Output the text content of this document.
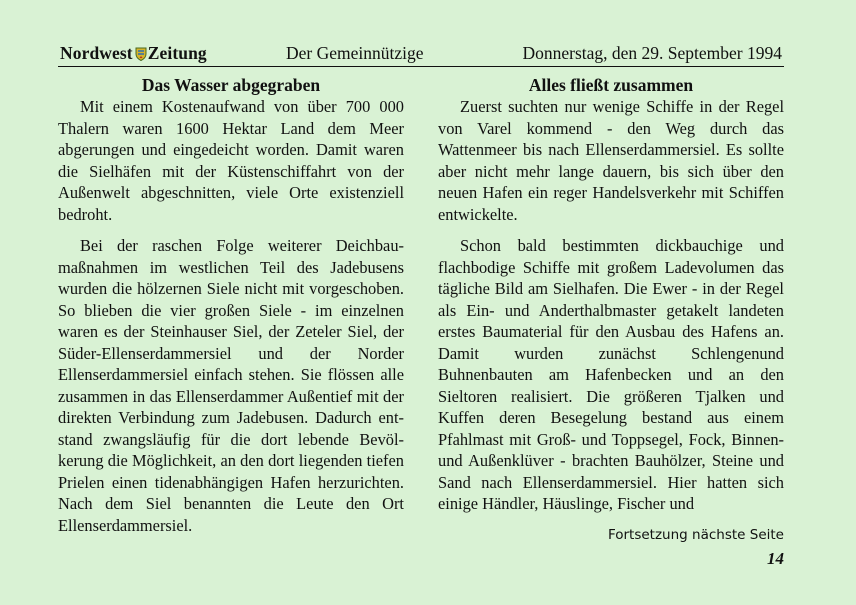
Nordwest Zeitung	Der Gemeinnützige	Donnerstag, den 29. September 1994
Das Wasser abgegraben

Mit einem Kostenaufwand von über 700 000 Thalern waren 1600 Hektar Land dem Meer abgerungen und eingedeicht worden. Damit waren die Sielhäfen mit der Küstenschiffahrt von der Außenwelt abgeschnitten, viele Orte existenziell bedroht.

Bei der raschen Folge weiterer Deichbaumaßnahmen im westlichen Teil des Jadebusens wurden die hölzernen Siele nicht mit vorgeschoben. So blieben die vier großen Siele - im einzelnen waren es der Steinhauser Siel, der Zeteler Siel, der Süder-Ellenserdammersiel und der Norder Ellenserdammersiel einfach stehen. Sie flössen alle zusammen in das Ellenserdammer Außentief mit der direkten Verbindung zum Jadebusen. Dadurch entstand zwangsläufig für die dort lebende Bevölkerung die Möglichkeit, an den dort liegenden tiefen Prielen einen tidenabhängigen Hafen herzurichten. Nach dem Siel benannten die Leute den Ort Ellenserdammersiel.

Alles fließt zusammen

Zuerst suchten nur wenige Schiffe in der Regel von Varel kommend - den Weg durch das Wattenmeer bis nach Ellenserdammersiel. Es sollte aber nicht mehr lange dauern, bis sich über den neuen Hafen ein reger Handelsverkehr mit Schiffen entwickelte.

Schon bald bestimmten dickbauchige und flachbodige Schiffe mit großem Ladevolumen das tägliche Bild am Sielhafen. Die Ewer - in der Regel als Ein- und Anderthalbmaster getakelt landeten erstes Baumaterial für den Ausbau des Hafens an. Damit wurden zunächst Schlengenund Buhnenbauten am Hafenbecken und an den Sieltoren realisiert. Die größeren Tjalken und Kuffen deren Besegelung bestand aus einem Pfahlmast mit Groß- und Toppsegel, Fock, Binnen- und Außenklüver - brachten Bauhölzer, Steine und Sand nach Ellenserdammersiel. Hier hatten sich einige Händler, Häuslinge, Fischer und

Fortsetzung nächste Seite
14
